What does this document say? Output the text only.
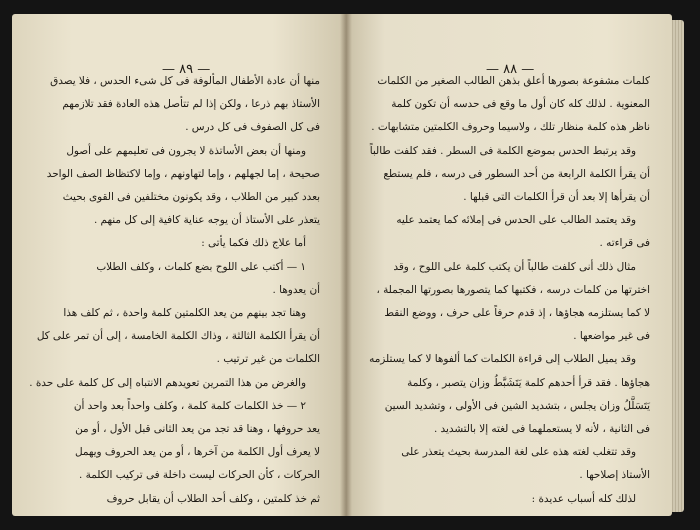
— ٨٩ —
منها أن عادة الأطفال المألوفة فى كل شىء الحدس ، فلا يصدق
الأستاذ بهم ذرعا ، ولكن إذا لم تتأصل هذه العادة فقد تلازمهم
فى كل الصفوف فى كل درس .
ومنها أن بعض الأساتذة لا يجرون فى تعليمهم على أصول
صحيحة ، إما لجهلهم ، وإما لتهاونهم ، وإما لاكتظاظ الصف الواحد
بعدد كبير من الطلاب ، وقد يكونون مختلفين فى القوى بحيث
يتعذر على الأستاذ أن يوجه عناية كافية إلى كل منهم .
أما علاج ذلك فكما يأتى :
١ — أكتب على اللوح بضع كلمات ، وكلف الطلاب
أن يعدوها .
وهنا تجد بينهم من يعد الكلمتين كلمة واحدة ، ثم كلف هذا
أن يقرأ الكلمة الثالثة ، وذاك الكلمة الخامسة ، إلى أن تمر على كل
الكلمات من غير ترتيب .
والغرض من هذا التمرين تعويدهم الانتباه إلى كل كلمة على حدة .
٢ — خذ الكلمات كلمة كلمة ، وكلف واحداً بعد واحد أن
يعد حروفها ، وهنا قد تجد من يعد الثانى قبل الأول ، أو من
لا يعرف أول الكلمة من آخرها ، أو من يعد الحروف ويهمل
الحركات ، كأن الحركات ليست داخلة فى تركيب الكلمة .
ثم خذ كلمتين ، وكلف أحد الطلاب أن يقابل حروف
— ٨٨ —
كلمات مشفوعة بصورها أعلق بذهن الطالب الصغير من الكلمات
المعنوية . لذلك كله كان أول ما وقع فى حدسه أن تكون كلمة
ناظر هذه كلمة منظار تلك ، ولاسيما وحروف الكلمتين متشابهات .
وقد يرتبط الحدس بموضع الكلمة فى السطر . فقد كلفت طالباً
أن يقرأ الكلمة الرابعة من أحد السطور فى درسه ، فلم يستطع
أن يقرأها إلا بعد أن قرأ الكلمات التى قبلها .
وقد يعتمد الطالب على الحدس فى إملائه كما يعتمد عليه
فى قراءته .
مثال ذلك أنى كلفت طالباً أن يكتب كلمة على اللوح ، وقد
اخترتها من كلمات درسه ، فكتبها كما يتصورها بصورتها المجملة ،
لا كما يستلزمه هجاؤها ، إذ قدم حرفاً على حرف ، ووضع النقط
فى غير مواضعها .
وقد يميل الطلاب إلى قراءة الكلمات كما ألفوها لا كما يستلزمه
هجاؤها . فقد قرأ أحدهم كلمة يَتَشَبَّطُ وزان يتصبر ، وكلمة
يَتَسَلَّلُ وزان يجلس ، بتشديد الشين فى الأولى ، وتشديد السين
فى الثانية ، لأنه لا يستعملهما فى لغته إلا بالتشديد .
وقد تتغلب لغته هذه على لغة المدرسة بحيث يتعذر على
الأستاذ إصلاحها .
لذلك كله أسباب عديدة :
